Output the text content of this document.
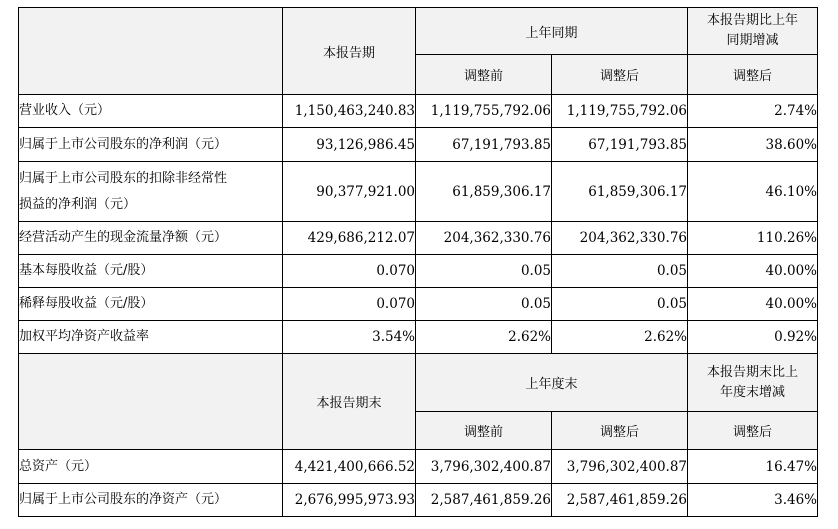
	本报告期	上年同期		本报告期比上年
同期增减

		调整前	调整后	调整后
营业收入（元）	1,150,463,240.83	1,119,755,792.06	1,119,755,792.06	2.74%
归属于上市公司股东的净利润（元）	93,126,986.45	67,191,793.85	67,191,793.85	38.60%

归属于上市公司股东的扣除非经常性
损益的净利润（元）	90,377,921.00	61,859,306.17	61,859,306.17	46.10%
经营活动产生的现金流量净额（元）	429,686,212.07	204,362,330.76	204,362,330.76	110.26%
基本每股收益（元/股）	0.070	0.05	0.05	40.00%
稀释每股收益（元/股）	0.070	0.05	0.05	40.00%
加权平均净资产收益率	3.54%	2.62%	2.62%	0.92%
	本报告期末	上年度末		本报告期末比上
年度末增减

		调整前	调整后	调整后
总资产（元）	4,421,400,666.52	3,796,302,400.87	3,796,302,400.87	16.47%
归属于上市公司股东的净资产（元）	2,676,995,973.93	2,587,461,859.26	2,587,461,859.26	3.46%
